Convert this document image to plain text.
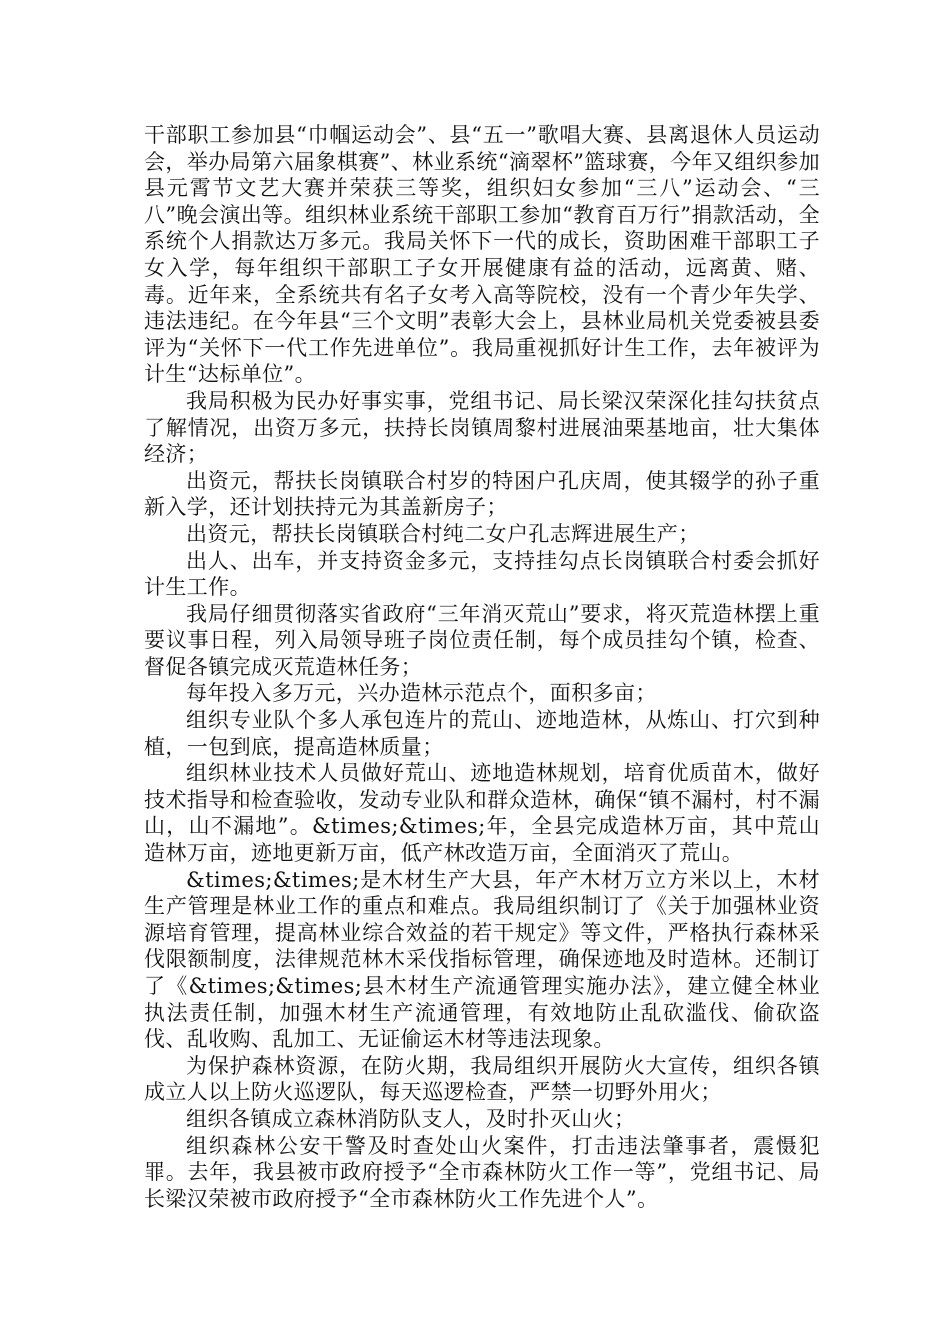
干部职工参加县“巾帼运动会”、县“五一”歌唱大赛、县离退休人员运动会，举办局第六届象棋赛”、林业系统“滴翠杯”篮球赛，今年又组织参加县元霄节文艺大赛并荣获三等奖，组织妇女参加“三八”运动会、“三八”晚会演出等。组织林业系统干部职工参加“教育百万行”捐款活动，全系统个人捐款达万多元。我局关怀下一代的成长，资助困难干部职工子女入学，每年组织干部职工子女开展健康有益的活动，远离黄、赌、毒。近年来，全系统共有名子女考入高等院校，没有一个青少年失学、违法违纪。在今年县“三个文明”表彰大会上，县林业局机关党委被县委评为“关怀下一代工作先进单位”。我局重视抓好计生工作，去年被评为计生“达标单位”。

我局积极为民办好事实事，党组书记、局长梁汉荣深化挂勾扶贫点了解情况，出资万多元，扶持长岗镇周黎村进展油栗基地亩，壮大集体经济；

出资元，帮扶长岗镇联合村岁的特困户孔庆周，使其辍学的孙子重新入学，还计划扶持元为其盖新房子；

出资元，帮扶长岗镇联合村纯二女户孔志辉进展生产；

出人、出车，并支持资金多元，支持挂勾点长岗镇联合村委会抓好计生工作。

我局仔细贯彻落实省政府“三年消灭荒山”要求，将灭荒造林摆上重要议事日程，列入局领导班子岗位责任制，每个成员挂勾个镇，检查、督促各镇完成灭荒造林任务；

每年投入多万元，兴办造林示范点个，面积多亩；

组织专业队个多人承包连片的荒山、迹地造林，从炼山、打穴到种植，一包到底，提高造林质量；

组织林业技术人员做好荒山、迹地造林规划，培育优质苗木，做好技术指导和检查验收，发动专业队和群众造林，确保“镇不漏村，村不漏山，山不漏地”。&times;&times;年，全县完成造林万亩，其中荒山造林万亩，迹地更新万亩，低产林改造万亩，全面消灭了荒山。

&times;&times;是木材生产大县，年产木材万立方米以上，木材生产管理是林业工作的重点和难点。我局组织制订了《关于加强林业资源培育管理，提高林业综合效益的若干规定》等文件，严格执行森林采伐限额制度，法律规范林木采伐指标管理，确保迹地及时造林。还制订了《&times;&times;县木材生产流通管理实施办法》，建立健全林业执法责任制，加强木材生产流通管理，有效地防止乱砍滥伐、偷砍盗伐、乱收购、乱加工、无证偷运木材等违法现象。

为保护森林资源，在防火期，我局组织开展防火大宣传，组织各镇成立人以上防火巡逻队，每天巡逻检查，严禁一切野外用火；

组织各镇成立森林消防队支人，及时扑灭山火；

组织森林公安干警及时查处山火案件，打击违法肇事者，震慑犯罪。去年，我县被市政府授予“全市森林防火工作一等”，党组书记、局长梁汉荣被市政府授予“全市森林防火工作先进个人”。
